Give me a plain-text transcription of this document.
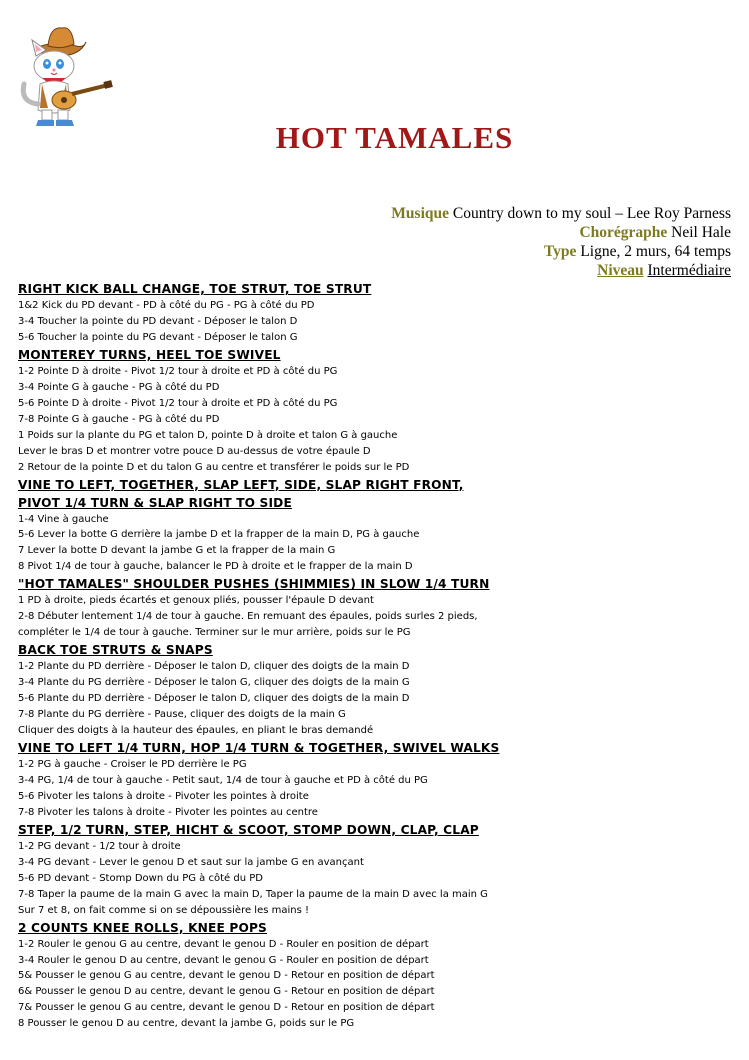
HOT TAMALES
Musique Country down to my soul – Lee Roy Parness
Chorégraphe Neil Hale
Type Ligne, 2 murs, 64 temps
Niveau Intermédiaire
RIGHT KICK BALL CHANGE, TOE STRUT, TOE STRUT
1&2 Kick du PD devant - PD à côté du PG - PG à côté du PD
3-4 Toucher la pointe du PD devant - Déposer le talon D
5-6 Toucher la pointe du PG devant - Déposer le talon G
MONTEREY TURNS, HEEL TOE SWIVEL
1-2 Pointe D à droite - Pivot 1/2 tour à droite et PD à côté du PG
3-4 Pointe G à gauche - PG à côté du PD
5-6 Pointe D à droite - Pivot 1/2 tour à droite et PD à côté du PG
7-8 Pointe G à gauche - PG à côté du PD
1 Poids sur la plante du PG et talon D, pointe D à droite et talon G à gauche
Lever le bras D et montrer votre pouce D au-dessus de votre épaule D
2 Retour de la pointe D et du talon G au centre et transférer le poids sur le PD
VINE TO LEFT, TOGETHER, SLAP LEFT, SIDE, SLAP RIGHT FRONT,
PIVOT 1/4 TURN & SLAP RIGHT TO SIDE
1-4 Vine à gauche
5-6 Lever la botte G derrière la jambe D et la frapper de la main D, PG à gauche
7 Lever la botte D devant la jambe G et la frapper de la main G
8 Pivot 1/4 de tour à gauche, balancer le PD à droite et le frapper de la main D
"HOT TAMALES" SHOULDER PUSHES (SHIMMIES) IN SLOW 1/4 TURN
1 PD à droite, pieds écartés et genoux pliés, pousser l'épaule D devant
2-8 Débuter lentement 1/4 de tour à gauche. En remuant des épaules, poids surles 2 pieds,
compléter le 1/4 de tour à gauche. Terminer sur le mur arrière, poids sur le PG
BACK TOE STRUTS & SNAPS
1-2 Plante du PD derrière - Déposer le talon D, cliquer des doigts de la main D
3-4 Plante du PG derrière - Déposer le talon G, cliquer des doigts de la main G
5-6 Plante du PD derrière - Déposer le talon D, cliquer des doigts de la main D
7-8 Plante du PG derrière - Pause, cliquer des doigts de la main G
Cliquer des doigts à la hauteur des épaules, en pliant le bras demandé
VINE TO LEFT 1/4 TURN, HOP 1/4 TURN & TOGETHER, SWIVEL WALKS
1-2 PG à gauche - Croiser le PD derrière le PG
3-4 PG, 1/4 de tour à gauche - Petit saut, 1/4 de tour à gauche et PD à côté du PG
5-6 Pivoter les talons à droite - Pivoter les pointes à droite
7-8 Pivoter les talons à droite - Pivoter les pointes au centre
STEP, 1/2 TURN, STEP, HICHT & SCOOT, STOMP DOWN, CLAP, CLAP
1-2 PG devant - 1/2 tour à droite
3-4 PG devant - Lever le genou D et saut sur la jambe G en avançant
5-6 PD devant - Stomp Down du PG à côté du PD
7-8 Taper la paume de la main G avec la main D, Taper la paume de la main D avec la main G
Sur 7 et 8, on fait comme si on se dépoussière les mains !
2 COUNTS KNEE ROLLS, KNEE POPS
1-2 Rouler le genou G au centre, devant le genou D - Rouler en position de départ
3-4 Rouler le genou D au centre, devant le genou G - Rouler en position de départ
5& Pousser le genou G au centre, devant le genou D - Retour en position de départ
6& Pousser le genou D au centre, devant le genou G - Retour en position de départ
7& Pousser le genou G au centre, devant le genou D - Retour en position de départ
8 Pousser le genou D au centre, devant la jambe G, poids sur le PG
